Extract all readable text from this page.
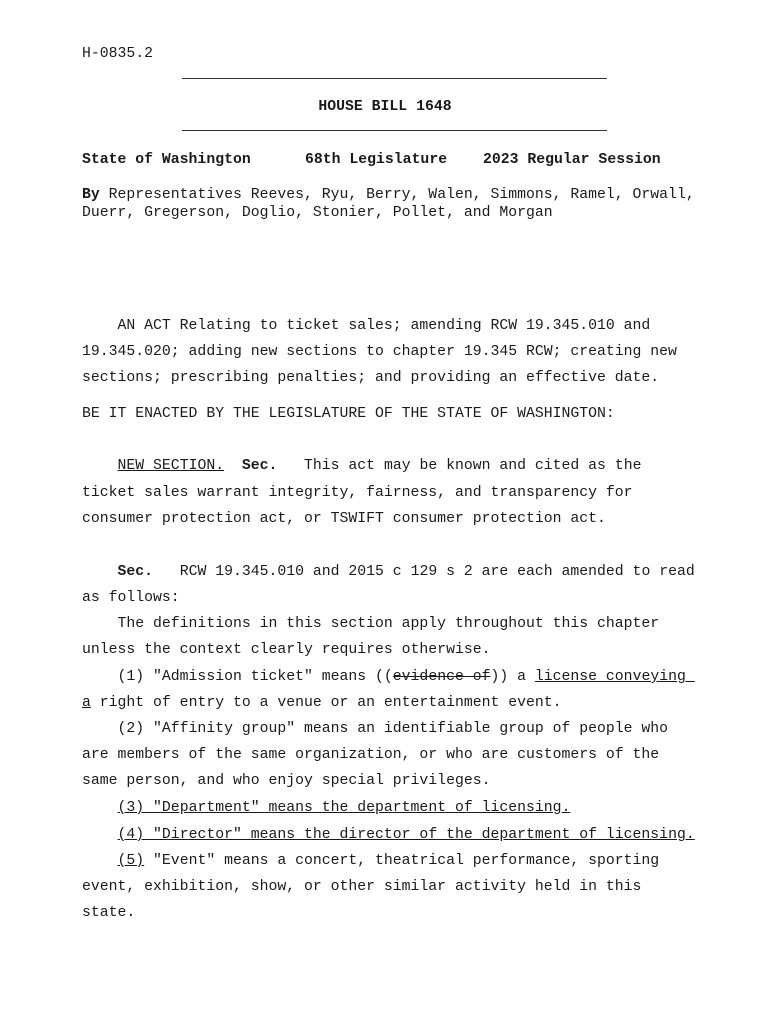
H-0835.2
HOUSE BILL 1648
State of Washington	68th Legislature 2023 Regular Session
By Representatives Reeves, Ryu, Berry, Walen, Simmons, Ramel, Orwall,
Duerr, Gregerson, Doglio, Stonier, Pollet, and Morgan
AN ACT Relating to ticket sales; amending RCW 19.345.010 and
19.345.020; adding new sections to chapter 19.345 RCW; creating new
sections; prescribing penalties; and providing an effective date.
BE IT ENACTED BY THE LEGISLATURE OF THE STATE OF WASHINGTON:
NEW SECTION. Sec.   This act may be known and cited as the
ticket sales warrant integrity, fairness, and transparency for
consumer protection act, or TSWIFT consumer protection act.
Sec.   RCW 19.345.010 and 2015 c 129 s 2 are each amended to read
as follows:
The definitions in this section apply throughout this chapter
unless the context clearly requires otherwise.
(1) "Admission ticket" means ((evidence of)) a license conveying
a right of entry to a venue or an entertainment event.
(2) "Affinity group" means an identifiable group of people who
are members of the same organization, or who are customers of the
same person, and who enjoy special privileges.
(3) "Department" means the department of licensing.
(4) "Director" means the director of the department of licensing.
(5) "Event" means a concert, theatrical performance, sporting
event, exhibition, show, or other similar activity held in this
state.
